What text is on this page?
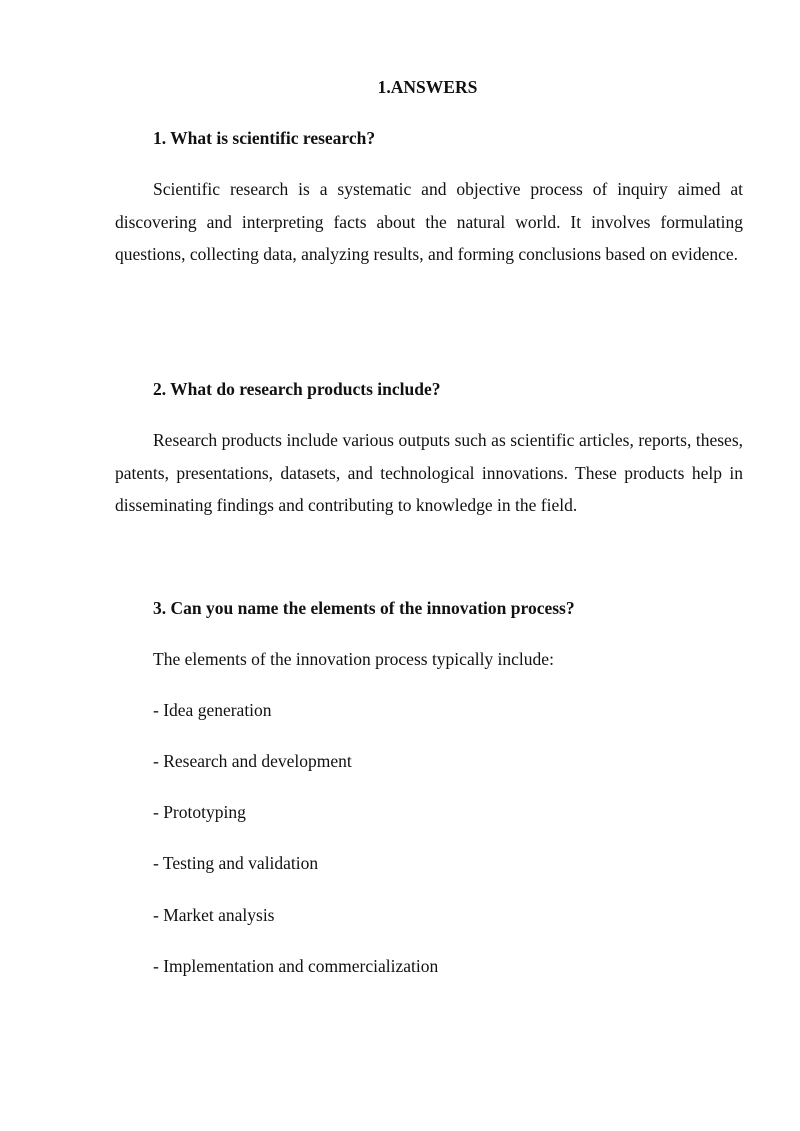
1.ANSWERS

1. What is scientific research?

Scientific research is a systematic and objective process of inquiry aimed at discovering and interpreting facts about the natural world. It involves formulating questions, collecting data, analyzing results, and forming conclusions based on evidence.

2. What do research products include?

Research products include various outputs such as scientific articles, reports, theses, patents, presentations, datasets, and technological innovations. These products help in disseminating findings and contributing to knowledge in the field.

3. Can you name the elements of the innovation process?

The elements of the innovation process typically include:

- Idea generation

- Research and development

- Prototyping

- Testing and validation

- Market analysis

- Implementation and commercialization
